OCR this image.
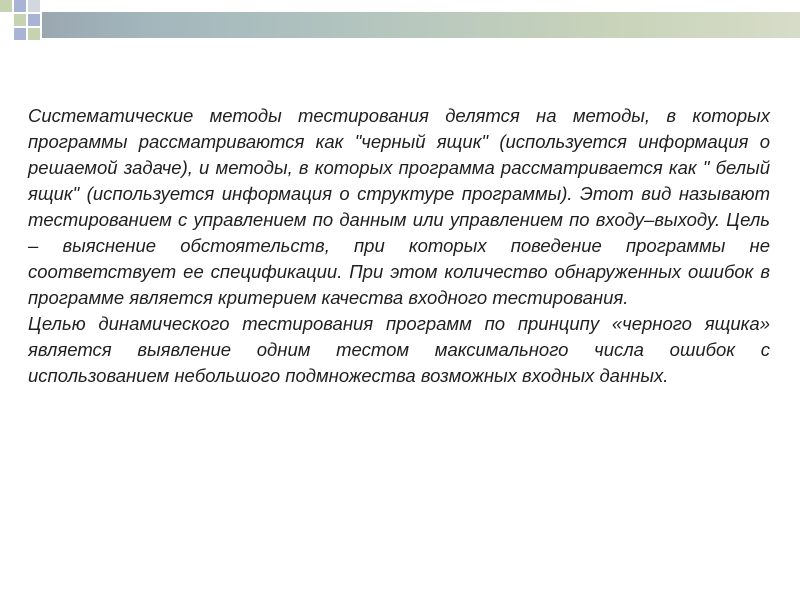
Систематические методы тестирования делятся на методы, в которых программы рассматриваются как "черный ящик" (используется информация о решаемой задаче), и методы, в которых программа рассматривается как " белый ящик" (используется информация о структуре программы). Этот вид называют тестированием с управлением по данным или управлением по входу–выходу. Цель – выяснение обстоятельств, при которых поведение программы не соответствует ее спецификации. При этом количество обнаруженных ошибок в программе является критерием качества входного тестирования.

Целью динамического тестирования программ по принципу «черного ящика» является выявление одним тестом максимального числа ошибок с использованием небольшого подмножества возможных входных данных.
